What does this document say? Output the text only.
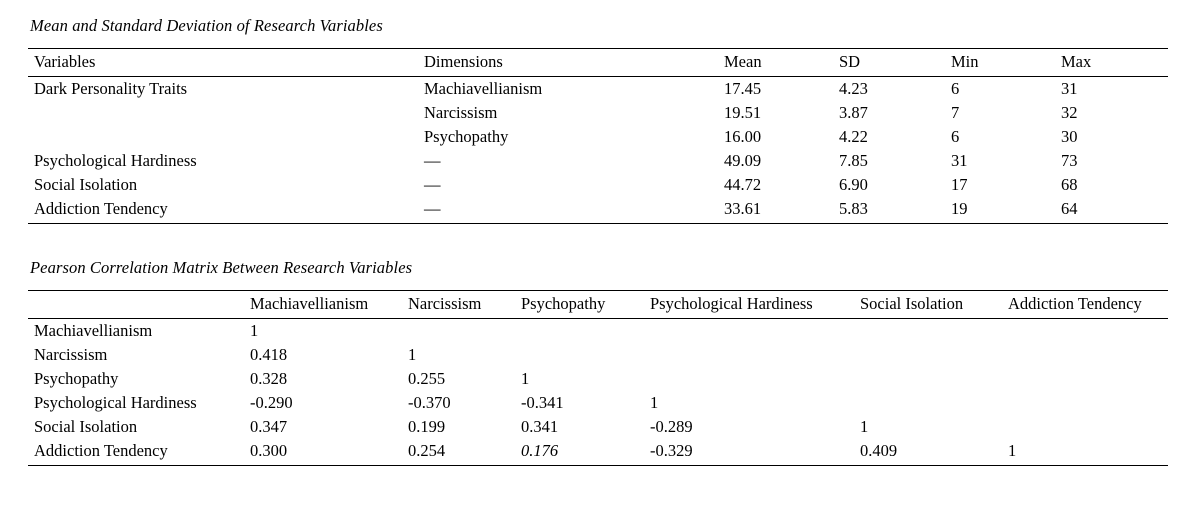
Mean and Standard Deviation of Research Variables
Variables	Dimensions	Mean	SD	Min	Max
Dark Personality Traits	Machiavellianism	17.45	4.23	6	31
	Narcissism	19.51	3.87	7	32
	Psychopathy	16.00	4.22	6	30
Psychological Hardiness	—	49.09	7.85	31	73
Social Isolation	—	44.72	6.90	17	68
Addiction Tendency	—	33.61	5.83	19	64
Pearson Correlation Matrix Between Research Variables
	Machiavellianism	Narcissism	Psychopathy	Psychological Hardiness	Social Isolation	Addiction Tendency
Machiavellianism	1					
Narcissism	0.418	1				
Psychopathy	0.328	0.255	1			
Psychological Hardiness	-0.290	-0.370	-0.341	1		
Social Isolation	0.347	0.199	0.341	-0.289	1	
Addiction Tendency	0.300	0.254	0.176	-0.329	0.409	1
